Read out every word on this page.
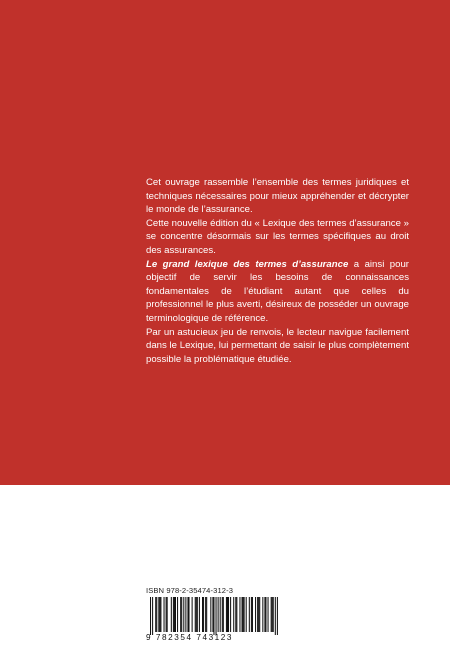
Cet ouvrage rassemble l’ensemble des termes juridiques et techniques nécessaires pour mieux appréhender et décrypter le monde de l’assurance.

Cette nouvelle édition du « Lexique des termes d’assurance » se concentre désormais sur les termes spécifiques au droit des assurances.

Le grand lexique des termes d’assurance a ainsi pour objectif de servir les besoins de connaissances fondamentales de l’étudiant autant que celles du professionnel le plus averti, désireux de posséder un ouvrage terminologique de référence.

Par un astucieux jeu de renvois, le lecteur navigue facilement dans le Lexique, lui permettant de saisir le plus complètement possible la problématique étudiée.

ISBN 978-2-35474-312-3
9 782354 743123
